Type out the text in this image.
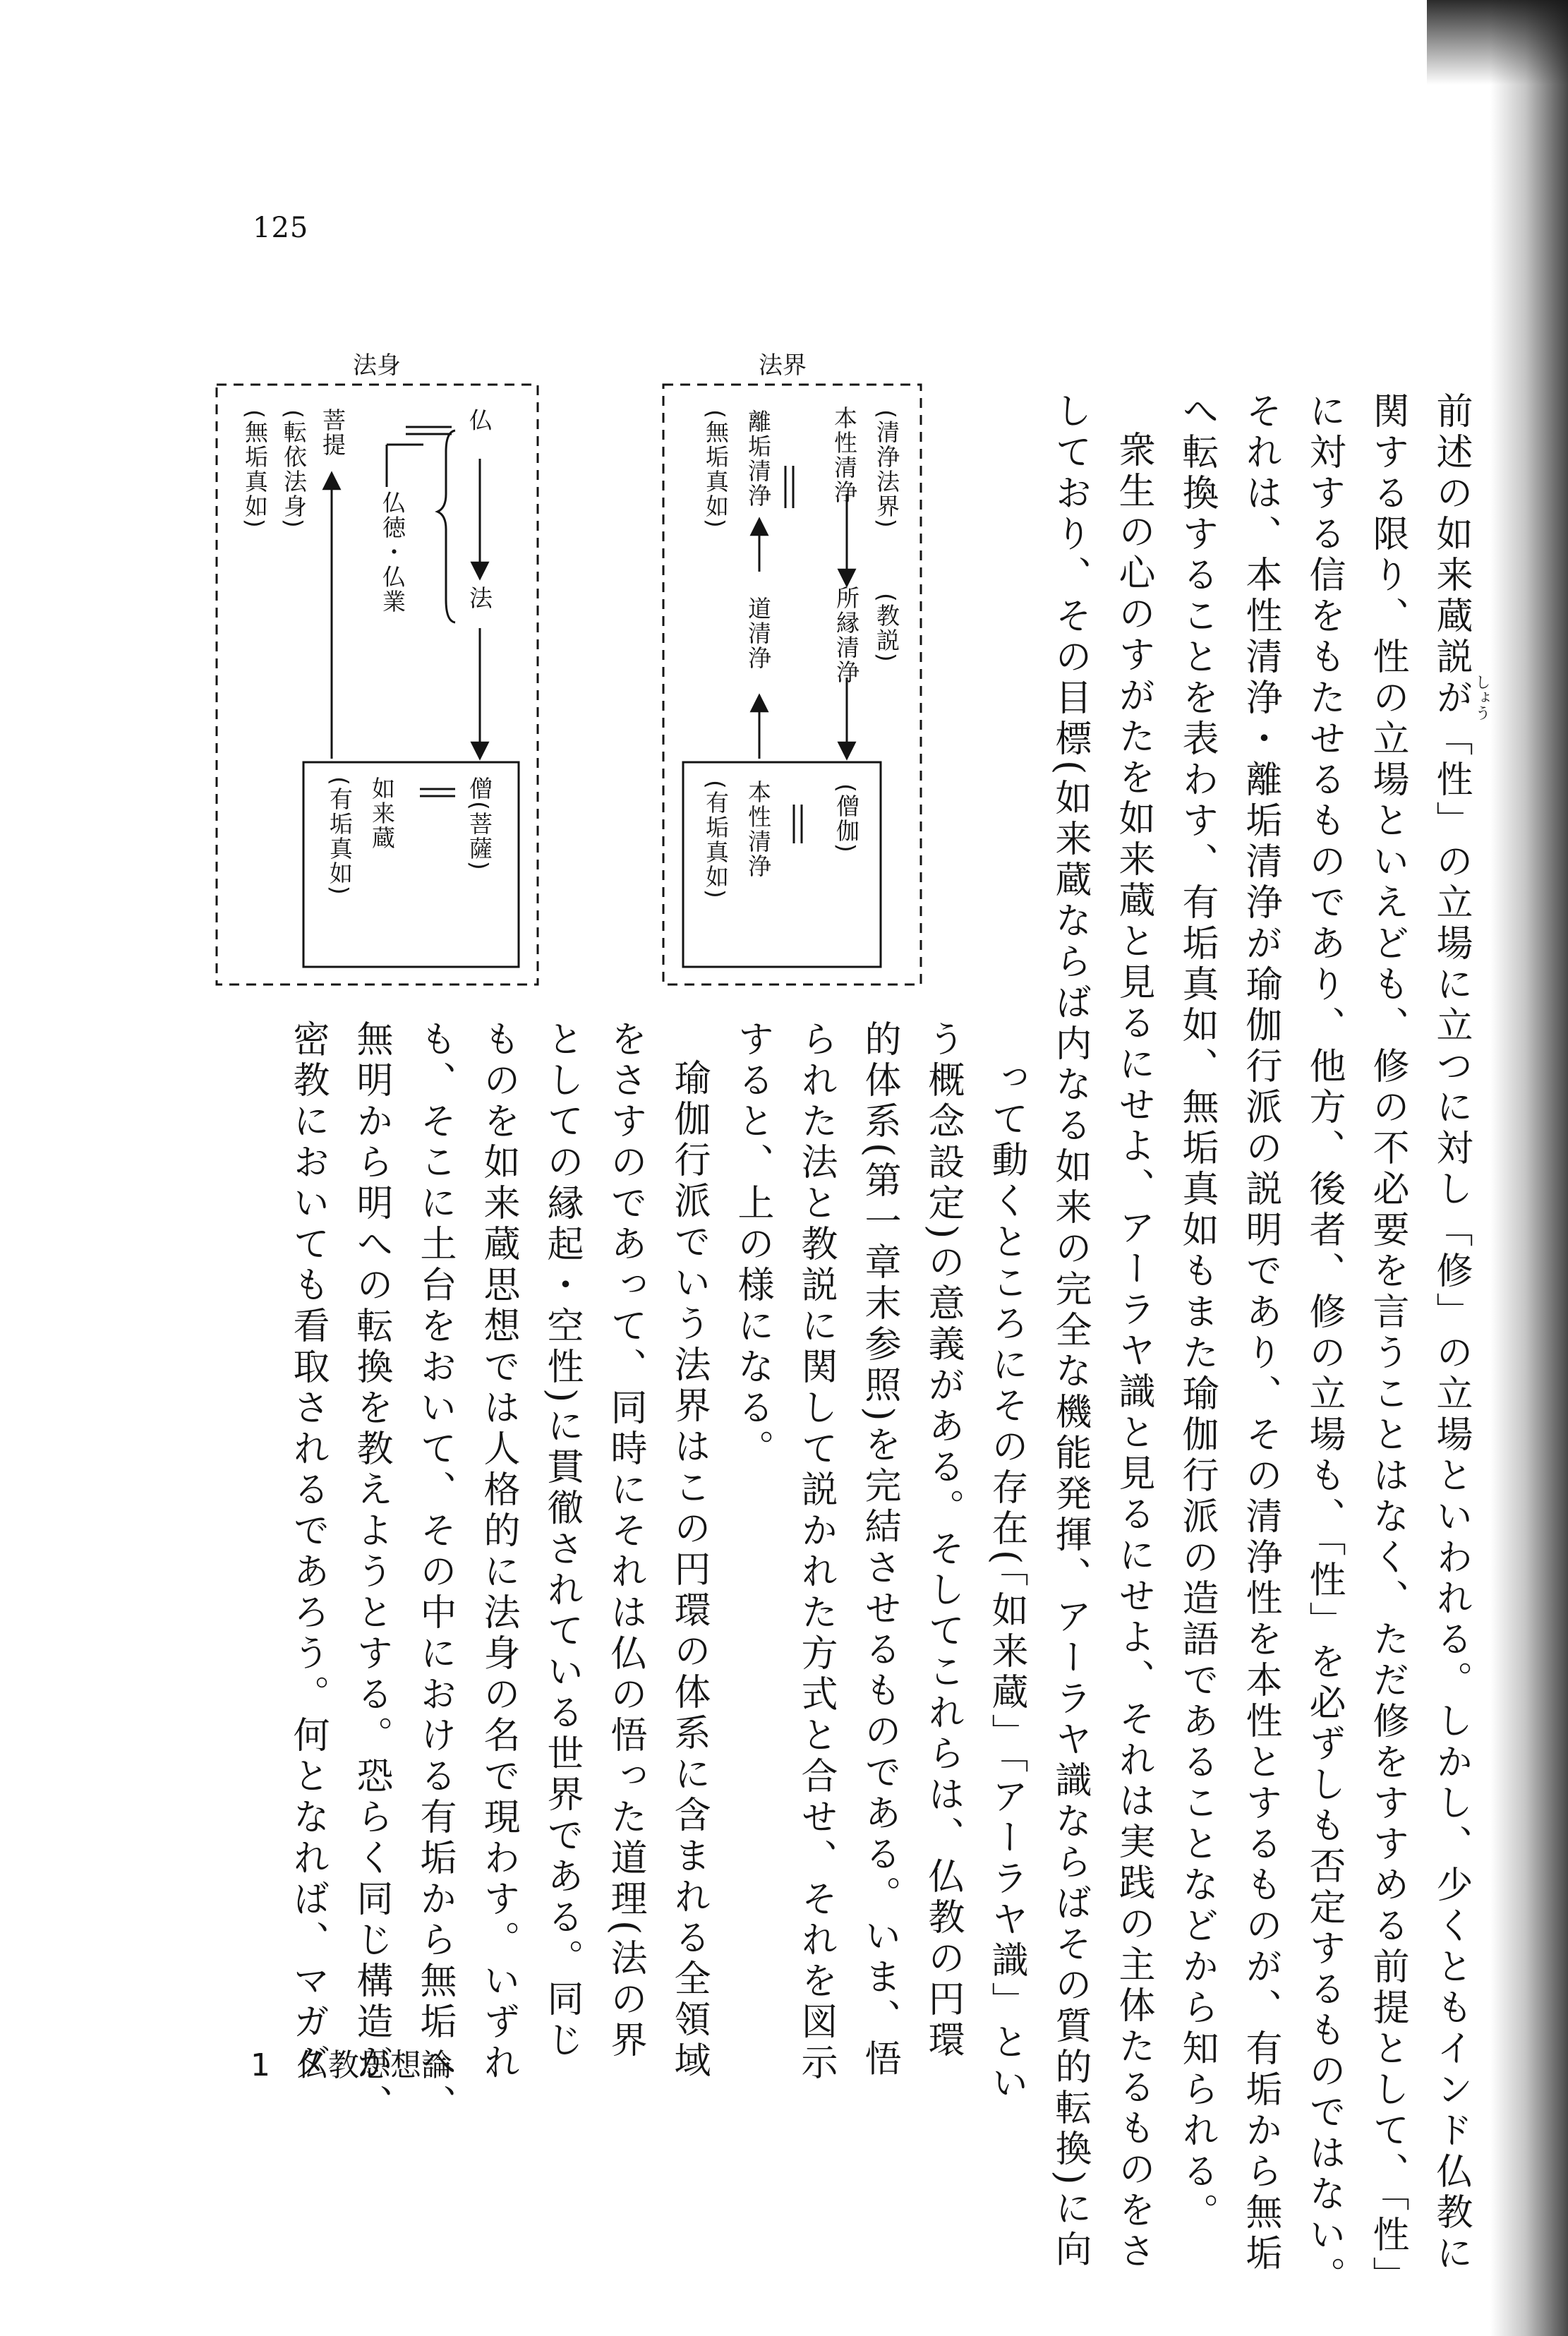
125
前述の如来蔵説が「性」の立場に立つに対し「修」の立場といわれる。しかし、少くともインド仏教に
関する限り、性の立場といえども、修の不必要を言うことはなく、ただ修をすすめる前提として、「性」
に対する信をもたせるものであり、他方、後者、修の立場も、「性」を必ずしも否定するものではない。
それは、本性清浄・離垢清浄が瑜伽行派の説明であり、その清浄性を本性とするものが、有垢から無垢
へ転換することを表わす、有垢真如、無垢真如もまた瑜伽行派の造語であることなどから知られる。
衆生の心のすがたを如来蔵と見るにせよ、アーラヤ識と見るにせよ、それは実践の主体たるものをさ
しており、その目標(如来蔵ならば内なる如来の完全な機能発揮、アーラヤ識ならばその質的転換)に向	しょう
って動くところにその存在(「如来蔵」「アーラヤ識」とい
う概念設定)の意義がある。そしてこれらは、仏教の円環
的体系(第一章末参照)を完結させるものである。いま、悟
られた法と教説に関して説かれた方式と合せ、それを図示
すると、上の様になる。
瑜伽行派でいう法界はこの円環の体系に含まれる全領域
をさすのであって、同時にそれは仏の悟った道理(法の界
としての縁起・空性)に貫徹されている世界である。同じ
ものを如来蔵思想では人格的に法身の名で現わす。いずれ
も、そこに土台をおいて、その中における有垢から無垢へ、
無明から明への転換を教えようとする。恐らく同じ構造が、
密教においても看取されるであろう。何となれば、マガダ
法界
(清浄法界)
本性清浄
(教説)
所縁清浄
離垢清浄
(無垢真如)
道清浄
(僧伽)
本性清浄
(有垢真如)
法身
仏
法
僧(菩薩)
菩提
(転依法身)
(無垢真如)
仏徳・仏業
如来蔵
(有垢真如)
1 仏教思想論
